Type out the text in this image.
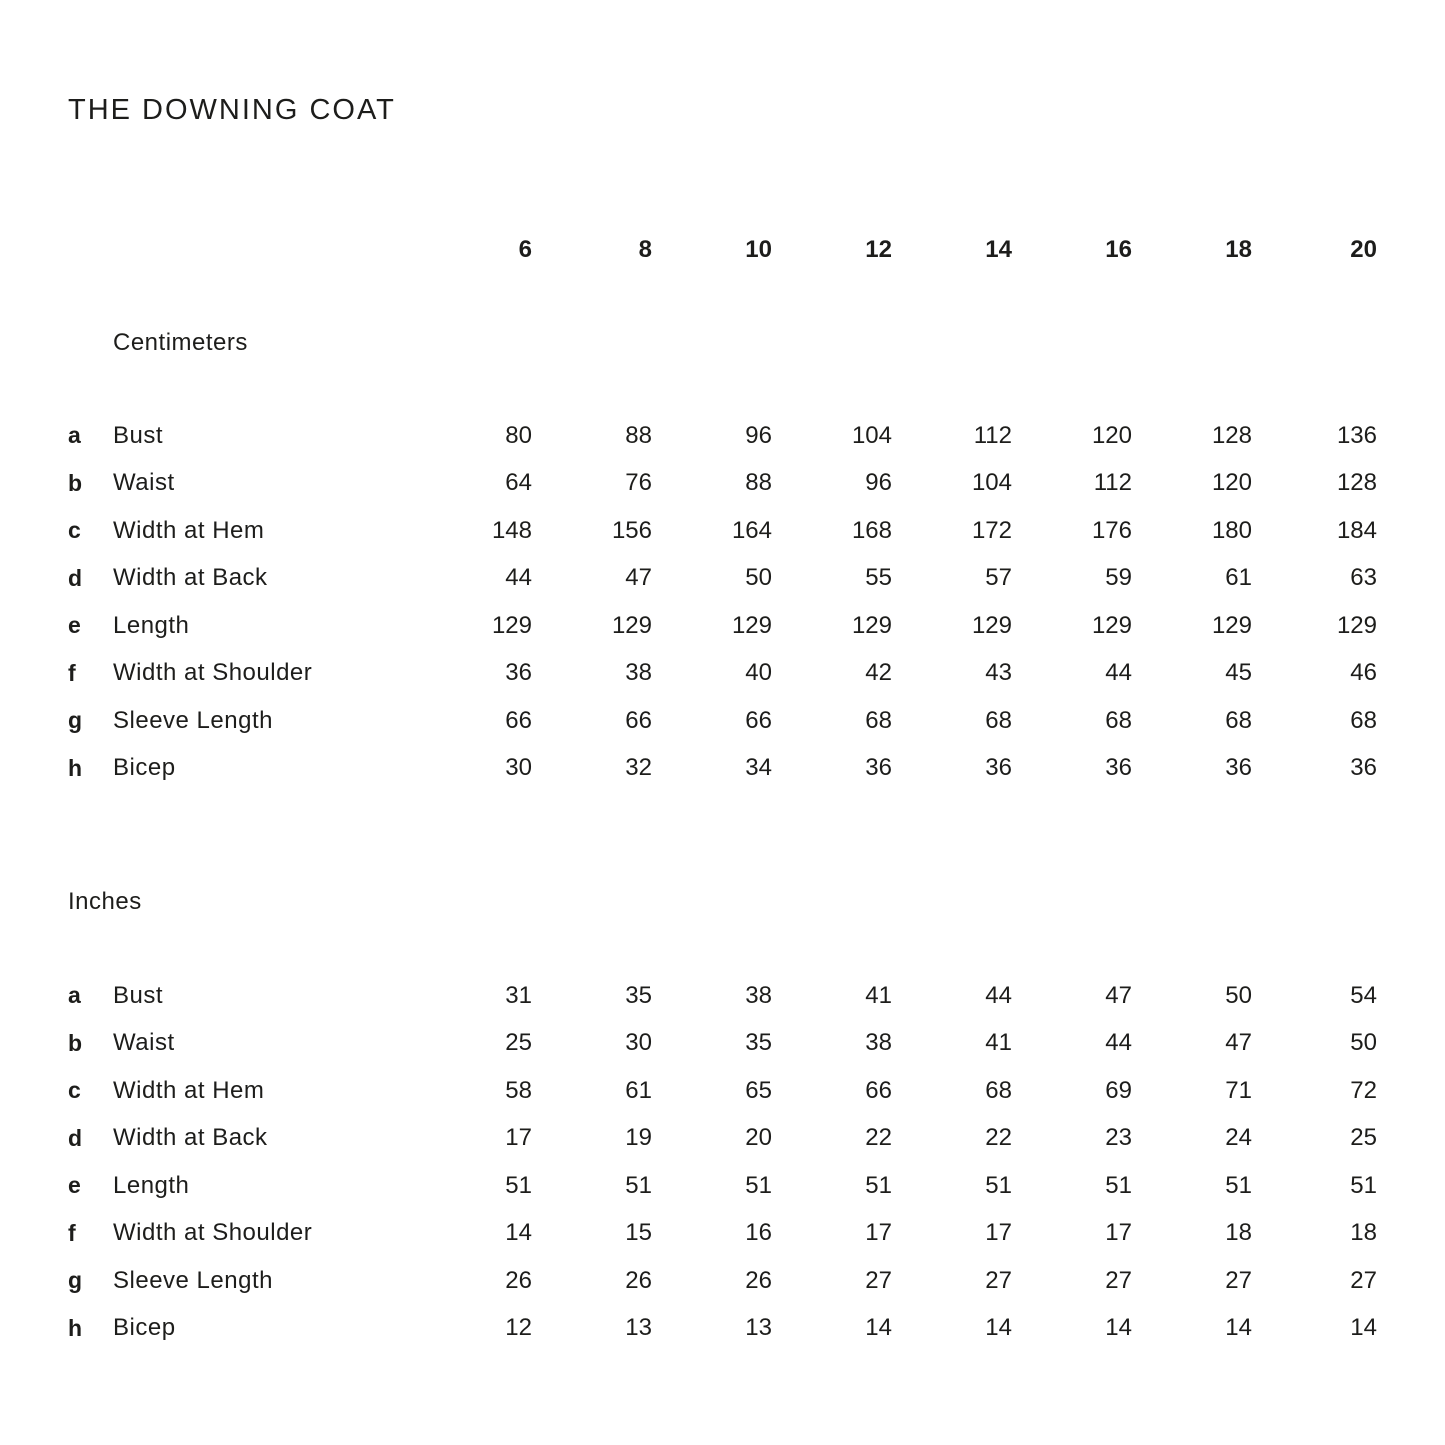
THE DOWNING COAT
6	8	10	12	14	16	18	20
Centimeters
a	Bust	80	88	96	104	112	120	128	136
b	Waist	64	76	88	96	104	112	120	128
c	Width at Hem	148	156	164	168	172	176	180	184
d	Width at Back	44	47	50	55	57	59	61	63
e	Length	129	129	129	129	129	129	129	129
f	Width at Shoulder	36	38	40	42	43	44	45	46
g	Sleeve Length	66	66	66	68	68	68	68	68
h	Bicep	30	32	34	36	36	36	36	36
Inches
a	Bust	31	35	38	41	44	47	50	54
b	Waist	25	30	35	38	41	44	47	50
c	Width at Hem	58	61	65	66	68	69	71	72
d	Width at Back	17	19	20	22	22	23	24	25
e	Length	51	51	51	51	51	51	51	51
f	Width at Shoulder	14	15	16	17	17	17	18	18
g	Sleeve Length	26	26	26	27	27	27	27	27
h	Bicep	12	13	13	14	14	14	14	14
